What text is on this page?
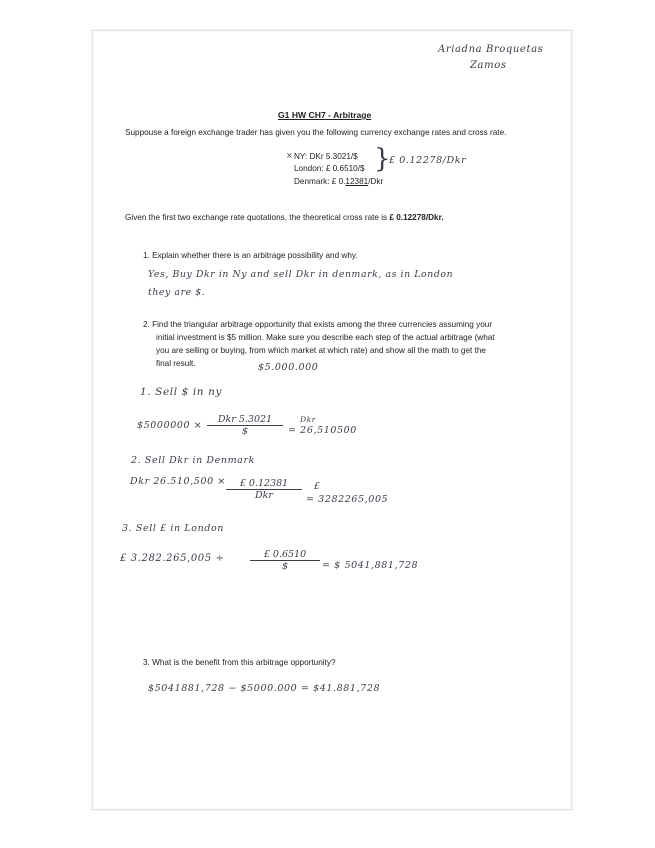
Ariadna Broquetas
Zamos
G1 HW CH7 - Arbitrage
Suppouse a foreign exchange trader has given you the following currency exchange rates and cross rate.
× NY: DKr 5.3021/$
London: £ 0.6510/$
Denmark: £ 0.12381/Dkr
}
£ 0.12278/Dkr
Given the first two exchange rate quotations, the theoretical cross rate is £ 0.12278/Dkr.
1. Explain whether there is an arbitrage possibility and why.
Yes, Buy Dkr in Ny and sell Dkr in denmark, as in London
they are $.
2. Find the triangular arbitrage opportunity that exists among the three currencies assuming your
initial investment is $5 million. Make sure you describe each step of the actual arbitrage (what
you are selling or buying, from which market at which rate) and show all the math to get the
final result.	$5.000.000
1. Sell $ in ny
$5000000 ×
Dkr 5.3021
$
Dkr
= 26,510500
2. Sell Dkr in Denmark
Dkr 26.510,500 ×	£ 0.12381
Dkr
£
= 3282265,005
3. Sell £ in London
£ 3.282.265,005 ÷	£ 0.6510
$	= $ 5041,881,728
3. What is the benefit from this arbitrage opportunity?
$5041881,728 − $5000.000 = $41.881,728
